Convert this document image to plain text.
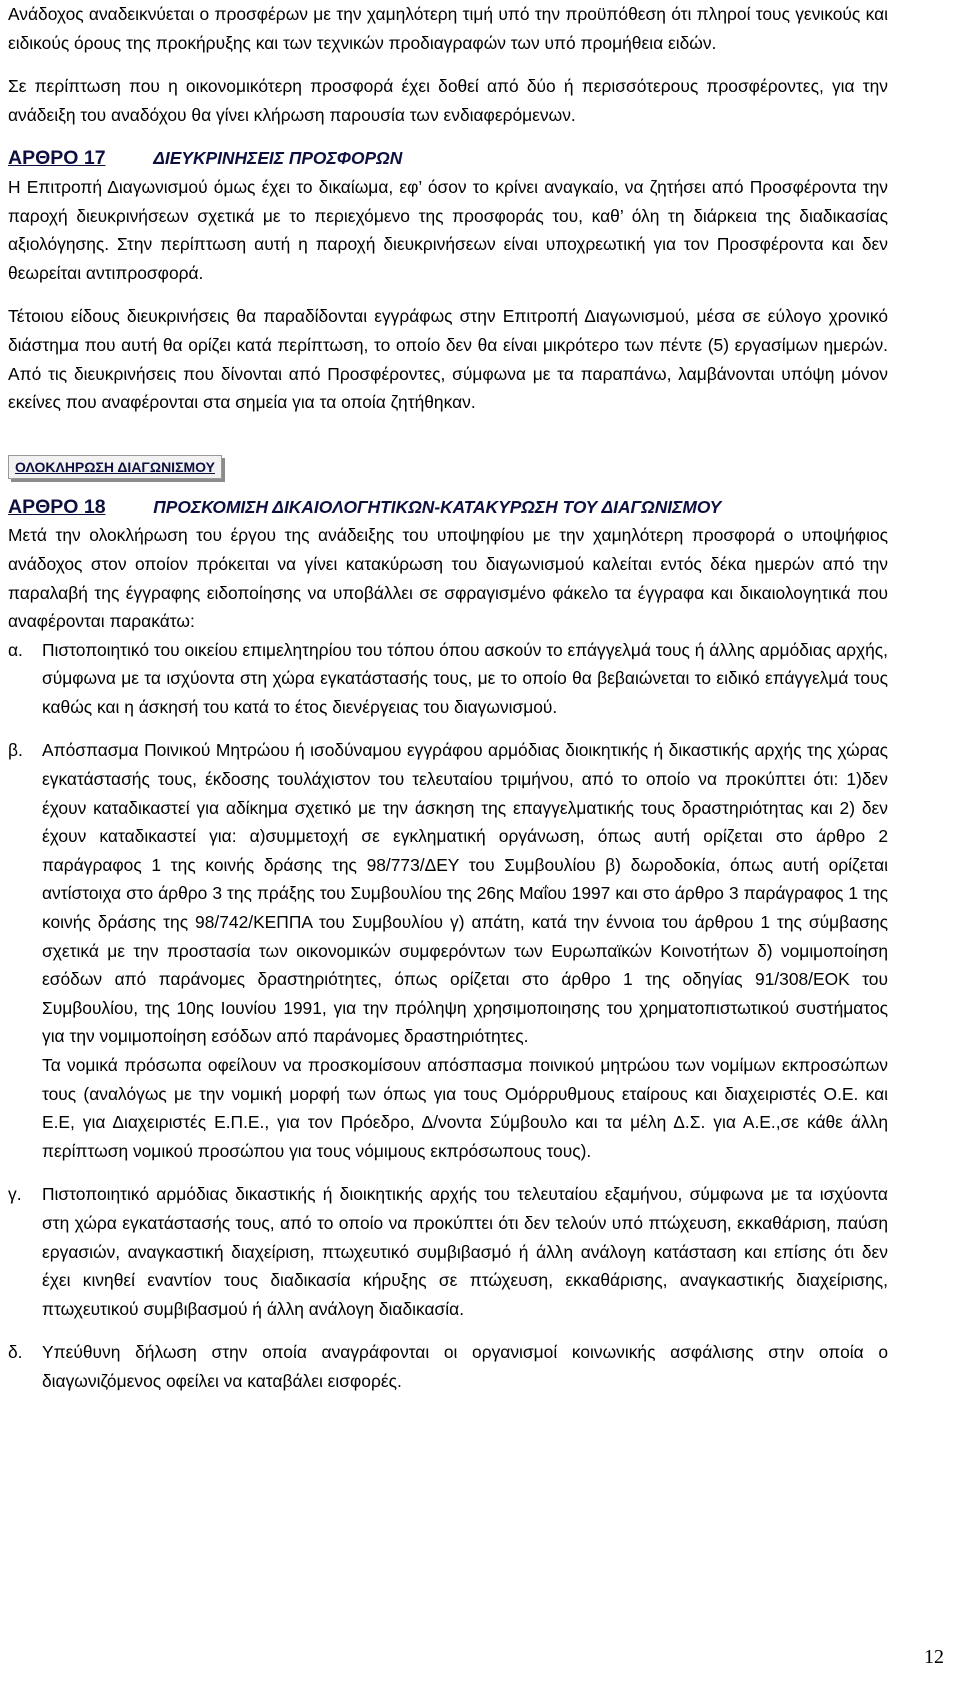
Ανάδοχος αναδεικνύεται ο προσφέρων με την χαμηλότερη τιμή υπό την προϋπόθεση ότι πληροί τους γενικούς και ειδικούς όρους της προκήρυξης και των τεχνικών προδιαγραφών των υπό προμήθεια ειδών.

Σε περίπτωση που η οικονομικότερη προσφορά έχει δοθεί από δύο ή περισσότερους προσφέροντες, για την ανάδειξη του αναδόχου θα γίνει κλήρωση παρουσία των ενδιαφερόμενων.

ΑΡΘΡΟ 17	ΔΙΕΥΚΡΙΝΗΣΕΙΣ ΠΡΟΣΦΟΡΩΝ

Η Επιτροπή Διαγωνισμού όμως έχει το δικαίωμα, εφ’ όσον το κρίνει αναγκαίο, να ζητήσει από Προσφέροντα την παροχή διευκρινήσεων σχετικά με το περιεχόμενο της προσφοράς του, καθ’ όλη τη διάρκεια της διαδικασίας αξιολόγησης. Στην περίπτωση αυτή η παροχή διευκρινήσεων είναι υποχρεωτική για τον Προσφέροντα και δεν θεωρείται αντιπροσφορά.

Τέτοιου είδους διευκρινήσεις θα παραδίδονται εγγράφως στην Επιτροπή Διαγωνισμού, μέσα σε εύλογο χρονικό διάστημα που αυτή θα ορίζει κατά περίπτωση, το οποίο δεν θα είναι μικρότερο των πέντε (5) εργασίμων ημερών. Από τις διευκρινήσεις που δίνονται από Προσφέροντες, σύμφωνα με τα παραπάνω, λαμβάνονται υπόψη μόνον εκείνες που αναφέρονται στα σημεία για τα οποία ζητήθηκαν.

ΟΛΟΚΛΗΡΩΣΗ ΔΙΑΓΩΝΙΣΜΟΥ
ΑΡΘΡΟ 18	ΠΡΟΣΚΟΜΙΣΗ ΔΙΚΑΙΟΛΟΓΗΤΙΚΩΝ-ΚΑΤΑΚΥΡΩΣΗ ΤΟΥ ΔΙΑΓΩΝΙΣΜΟΥ

Μετά την ολοκλήρωση του έργου της ανάδειξης του υποψηφίου με την χαμηλότερη προσφορά ο υποψήφιος ανάδοχος στον οποίον πρόκειται να γίνει κατακύρωση του διαγωνισμού καλείται εντός δέκα ημερών από την παραλαβή της έγγραφης ειδοποίησης να υποβάλλει σε σφραγισμένο φάκελο τα έγγραφα και δικαιολογητικά που αναφέρονται παρακάτω:

α.	Πιστοποιητικό του οικείου επιμελητηρίου του τόπου όπου ασκούν το επάγγελμά τους ή άλλης αρμόδιας αρχής, σύμφωνα με τα ισχύοντα στη χώρα εγκατάστασής τους, με το οποίο θα βεβαιώνεται το ειδικό επάγγελμά τους καθώς και η άσκησή του κατά το έτος διενέργειας του διαγωνισμού.

β.	Απόσπασμα Ποινικού Μητρώου ή ισοδύναμου εγγράφου αρμόδιας διοικητικής ή δικαστικής αρχής της χώρας εγκατάστασής τους, έκδοσης τουλάχιστον του τελευταίου τριμήνου, από το οποίο να προκύπτει ότι: 1)δεν έχουν καταδικαστεί για αδίκημα σχετικό με την άσκηση της επαγγελματικής τους δραστηριότητας και 2) δεν έχουν καταδικαστεί για: α)συμμετοχή σε εγκληματική οργάνωση, όπως αυτή ορίζεται στο άρθρο 2 παράγραφος 1 της κοινής δράσης της 98/773/ΔΕΥ του Συμβουλίου β) δωροδοκία, όπως αυτή ορίζεται αντίστοιχα στο άρθρο 3 της πράξης του Συμβουλίου της 26ης Μαΐου 1997 και στο άρθρο 3 παράγραφος 1 της κοινής δράσης της 98/742/ΚΕΠΠΑ του Συμβουλίου γ) απάτη, κατά την έννοια του άρθρου 1 της σύμβασης σχετικά με την προστασία των οικονομικών συμφερόντων των Ευρωπαϊκών Κοινοτήτων δ) νομιμοποίηση εσόδων από παράνομες δραστηριότητες, όπως ορίζεται στο άρθρο 1 της οδηγίας 91/308/ΕΟΚ του Συμβουλίου, της 10ης Ιουνίου 1991, για την πρόληψη χρησιμοποιησης του χρηματοπιστωτικού συστήματος για την νομιμοποίηση εσόδων από παράνομες δραστηριότητες.

Τα νομικά πρόσωπα οφείλουν να προσκομίσουν απόσπασμα ποινικού μητρώου των νομίμων εκπροσώπων τους (αναλόγως με την νομική μορφή των όπως για τους Ομόρρυθμους εταίρους και διαχειριστές Ο.Ε. και Ε.Ε, για Διαχειριστές Ε.Π.Ε., για τον Πρόεδρο, Δ/νοντα Σύμβουλο και τα μέλη Δ.Σ. για Α.Ε.,σε κάθε άλλη περίπτωση νομικού προσώπου για τους νόμιμους εκπρόσωπους τους).

γ.	Πιστοποιητικό αρμόδιας δικαστικής ή διοικητικής αρχής του τελευταίου εξαμήνου, σύμφωνα με τα ισχύοντα στη χώρα εγκατάστασής τους, από το οποίο να προκύπτει ότι δεν τελούν υπό πτώχευση, εκκαθάριση, παύση εργασιών, αναγκαστική διαχείριση, πτωχευτικό συμβιβασμό ή άλλη ανάλογη κατάσταση και επίσης ότι δεν έχει κινηθεί εναντίον τους διαδικασία κήρυξης σε πτώχευση, εκκαθάρισης, αναγκαστικής διαχείρισης, πτωχευτικού συμβιβασμού ή άλλη ανάλογη διαδικασία.

δ.	Υπεύθυνη δήλωση στην οποία αναγράφονται οι οργανισμοί κοινωνικής ασφάλισης στην οποία ο διαγωνιζόμενος οφείλει να καταβάλει εισφορές.

12
